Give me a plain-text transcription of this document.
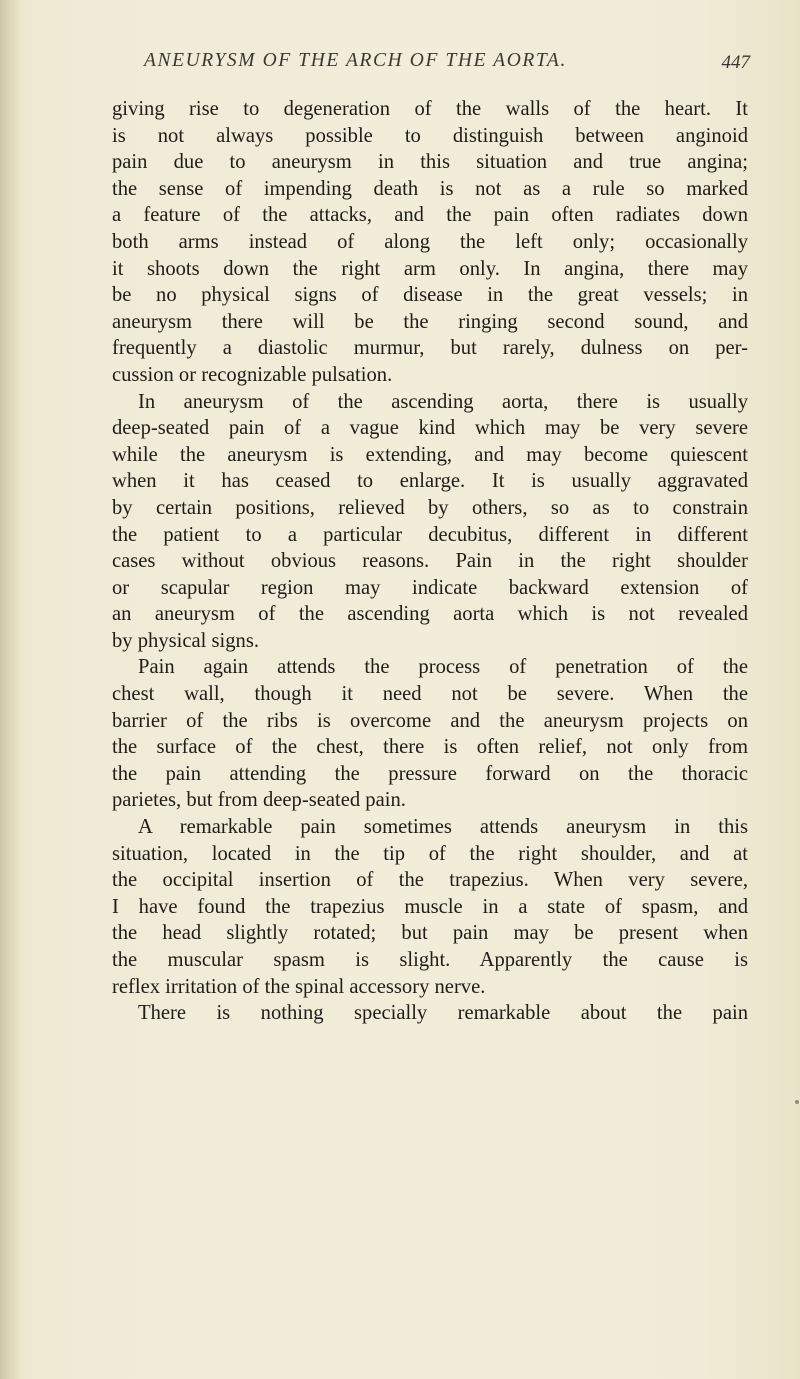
ANEURYSM OF THE ARCH OF THE AORTA.	447
giving rise to degeneration of the walls of the heart. It
is not always possible to distinguish between anginoid
pain due to aneurysm in this situation and true angina;
the sense of impending death is not as a rule so marked
a feature of the attacks, and the pain often radiates down
both arms instead of along the left only; occasionally
it shoots down the right arm only. In angina, there may
be no physical signs of disease in the great vessels; in
aneurysm there will be the ringing second sound, and
frequently a diastolic murmur, but rarely, dulness on per-
cussion or recognizable pulsation.
In aneurysm of the ascending aorta, there is usually
deep-seated pain of a vague kind which may be very severe
while the aneurysm is extending, and may become quiescent
when it has ceased to enlarge. It is usually aggravated
by certain positions, relieved by others, so as to constrain
the patient to a particular decubitus, different in different
cases without obvious reasons. Pain in the right shoulder
or scapular region may indicate backward extension of
an aneurysm of the ascending aorta which is not revealed
by physical signs.
Pain again attends the process of penetration of the
chest wall, though it need not be severe. When the
barrier of the ribs is overcome and the aneurysm projects on
the surface of the chest, there is often relief, not only from
the pain attending the pressure forward on the thoracic
parietes, but from deep-seated pain.
A remarkable pain sometimes attends aneurysm in this
situation, located in the tip of the right shoulder, and at
the occipital insertion of the trapezius. When very severe,
I have found the trapezius muscle in a state of spasm, and
the head slightly rotated; but pain may be present when
the muscular spasm is slight. Apparently the cause is
reflex irritation of the spinal accessory nerve.
There is nothing specially remarkable about the pain
